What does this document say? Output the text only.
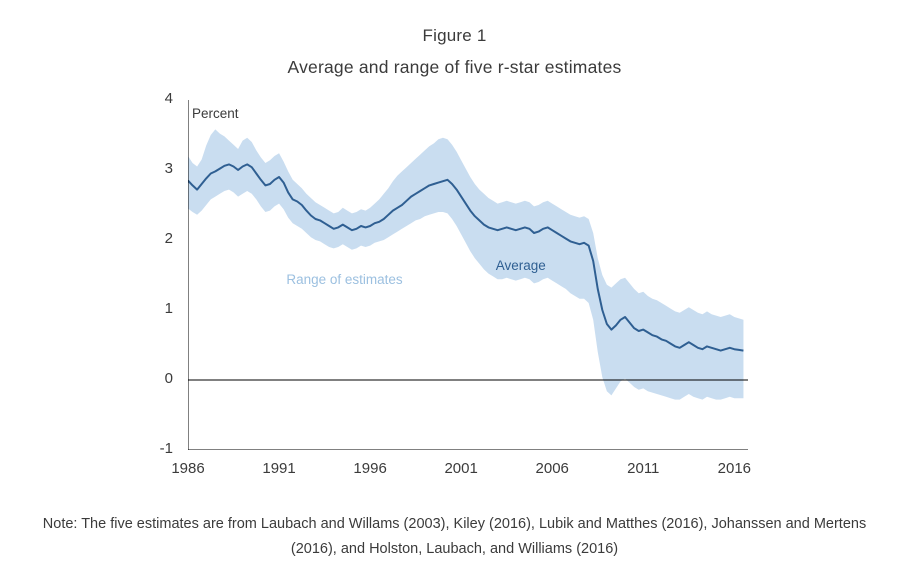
Figure 1
Average and range of five r-star estimates
Percent
-1
0
1
2
3
4
1986	1991	1996	2001	2006	2011	2016
Range of estimates
Average
Note: The five estimates are from Laubach and Willams (2003), Kiley (2016), Lubik and Matthes (2016), Johanssen and Mertens (2016), and Holston, Laubach, and Williams (2016)
